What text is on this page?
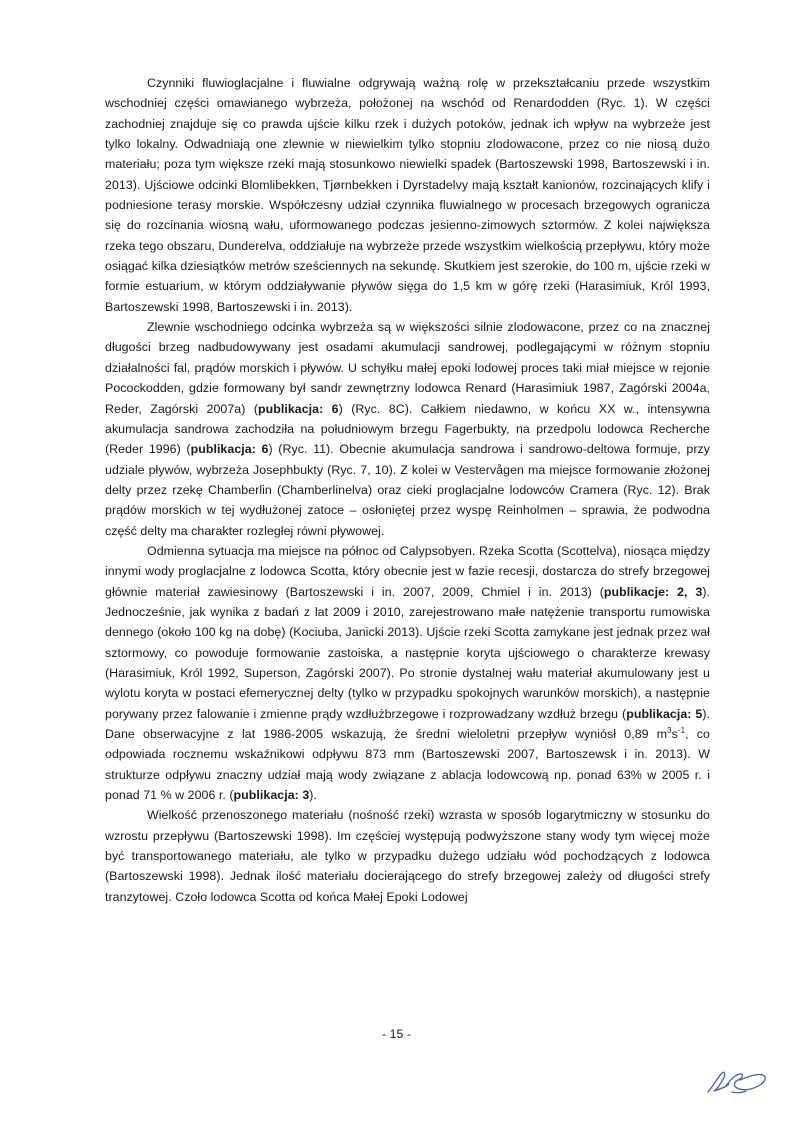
Czynniki fluwioglacjalne i fluwialne odgrywają ważną rolę w przekształcaniu przede wszystkim wschodniej części omawianego wybrzeża, położonej na wschód od Renardodden (Ryc. 1). W części zachodniej znajduje się co prawda ujście kilku rzek i dużych potoków, jednak ich wpływ na wybrzeże jest tylko lokalny. Odwadniają one zlewnie w niewielkim tylko stopniu zlodowacone, przez co nie niosą dużo materiału; poza tym większe rzeki mają stosunkowo niewielki spadek (Bartoszewski 1998, Bartoszewski i in. 2013). Ujściowe odcinki Blomlibekken, Tjørnbekken i Dyrstadelvy mają kształt kanionów, rozcinających klify i podniesione terasy morskie. Współczesny udział czynnika fluwialnego w procesach brzegowych ogranicza się do rozcinania wiosną wału, uformowanego podczas jesienno-zimowych sztormów. Z kolei największa rzeka tego obszaru, Dunderelva, oddziałuje na wybrzeże przede wszystkim wielkością przepływu, który może osiągać kilka dziesiątków metrów sześciennych na sekundę. Skutkiem jest szerokie, do 100 m, ujście rzeki w formie estuarium, w którym oddziaływanie pływów sięga do 1,5 km w górę rzeki (Harasimiuk, Król 1993, Bartoszewski 1998, Bartoszewski i in. 2013).

Zlewnie wschodniego odcinka wybrzeża są w większości silnie zlodowacone, przez co na znacznej długości brzeg nadbudowywany jest osadami akumulacji sandrowej, podlegającymi w różnym stopniu działalności fal, prądów morskich i pływów. U schyłku małej epoki lodowej proces taki miał miejsce w rejonie Pocockodden, gdzie formowany był sandr zewnętrzny lodowca Renard (Harasimiuk 1987, Zagórski 2004a, Reder, Zagórski 2007a) (publikacja: 6) (Ryc. 8C). Całkiem niedawno, w końcu XX w., intensywna akumulacja sandrowa zachodziła na południowym brzegu Fagerbukty, na przedpolu lodowca Recherche (Reder 1996) (publikacja: 6) (Ryc. 11). Obecnie akumulacja sandrowa i sandrowo-deltowa formuje, przy udziale pływów, wybrzeża Josephbukty (Ryc. 7, 10). Z kolei w Vestervågen ma miejsce formowanie złożonej delty przez rzekę Chamberlin (Chamberlinelva) oraz cieki proglacjalne lodowców Cramera (Ryc. 12). Brak prądów morskich w tej wydłużonej zatoce – osłoniętej przez wyspę Reinholmen – sprawia, że podwodna część delty ma charakter rozległej równi pływowej.

Odmienna sytuacja ma miejsce na północ od Calypsobyen. Rzeka Scotta (Scottelva), niosąca między innymi wody proglacjalne z lodowca Scotta, który obecnie jest w fazie recesji, dostarcza do strefy brzegowej głównie materiał zawiesinowy (Bartoszewski i in. 2007, 2009, Chmiel i in. 2013) (publikacje: 2, 3). Jednocześnie, jak wynika z badań z lat 2009 i 2010, zarejestrowano małe natężenie transportu rumowiska dennego (około 100 kg na dobę) (Kociuba, Janicki 2013). Ujście rzeki Scotta zamykane jest jednak przez wał sztormowy, co powoduje formowanie zastoiska, a następnie koryta ujściowego o charakterze krewasy (Harasimiuk, Król 1992, Superson, Zagórski 2007). Po stronie dystalnej wału materiał akumulowany jest u wylotu koryta w postaci efemerycznej delty (tylko w przypadku spokojnych warunków morskich), a następnie porywany przez falowanie i zmienne prądy wzdłużbrzegowe i rozprowadzany wzdłuż brzegu (publikacja: 5). Dane obserwacyjne z lat 1986-2005 wskazują, że średni wieloletni przepływ wyniósł 0,89 $m^3s^{-1}$, co odpowiada rocznemu wskaźnikowi odpływu 873 mm (Bartoszewski 2007, Bartoszewsk i in. 2013). W strukturze odpływu znaczny udział mają wody związane z ablacja lodowcową np. ponad 63% w 2005 r. i ponad 71 % w 2006 r. (publikacja: 3).

Wielkość przenoszonego materiału (nośność rzeki) wzrasta w sposób logarytmiczny w stosunku do wzrostu przepływu (Bartoszewski 1998). Im częściej występują podwyższone stany wody tym więcej może być transportowanego materiału, ale tylko w przypadku dużego udziału wód pochodzących z lodowca (Bartoszewski 1998). Jednak ilość materiału docierającego do strefy brzegowej zależy od długości strefy tranzytowej. Czoło lodowca Scotta od końca Małej Epoki Lodowej

- 15 -
